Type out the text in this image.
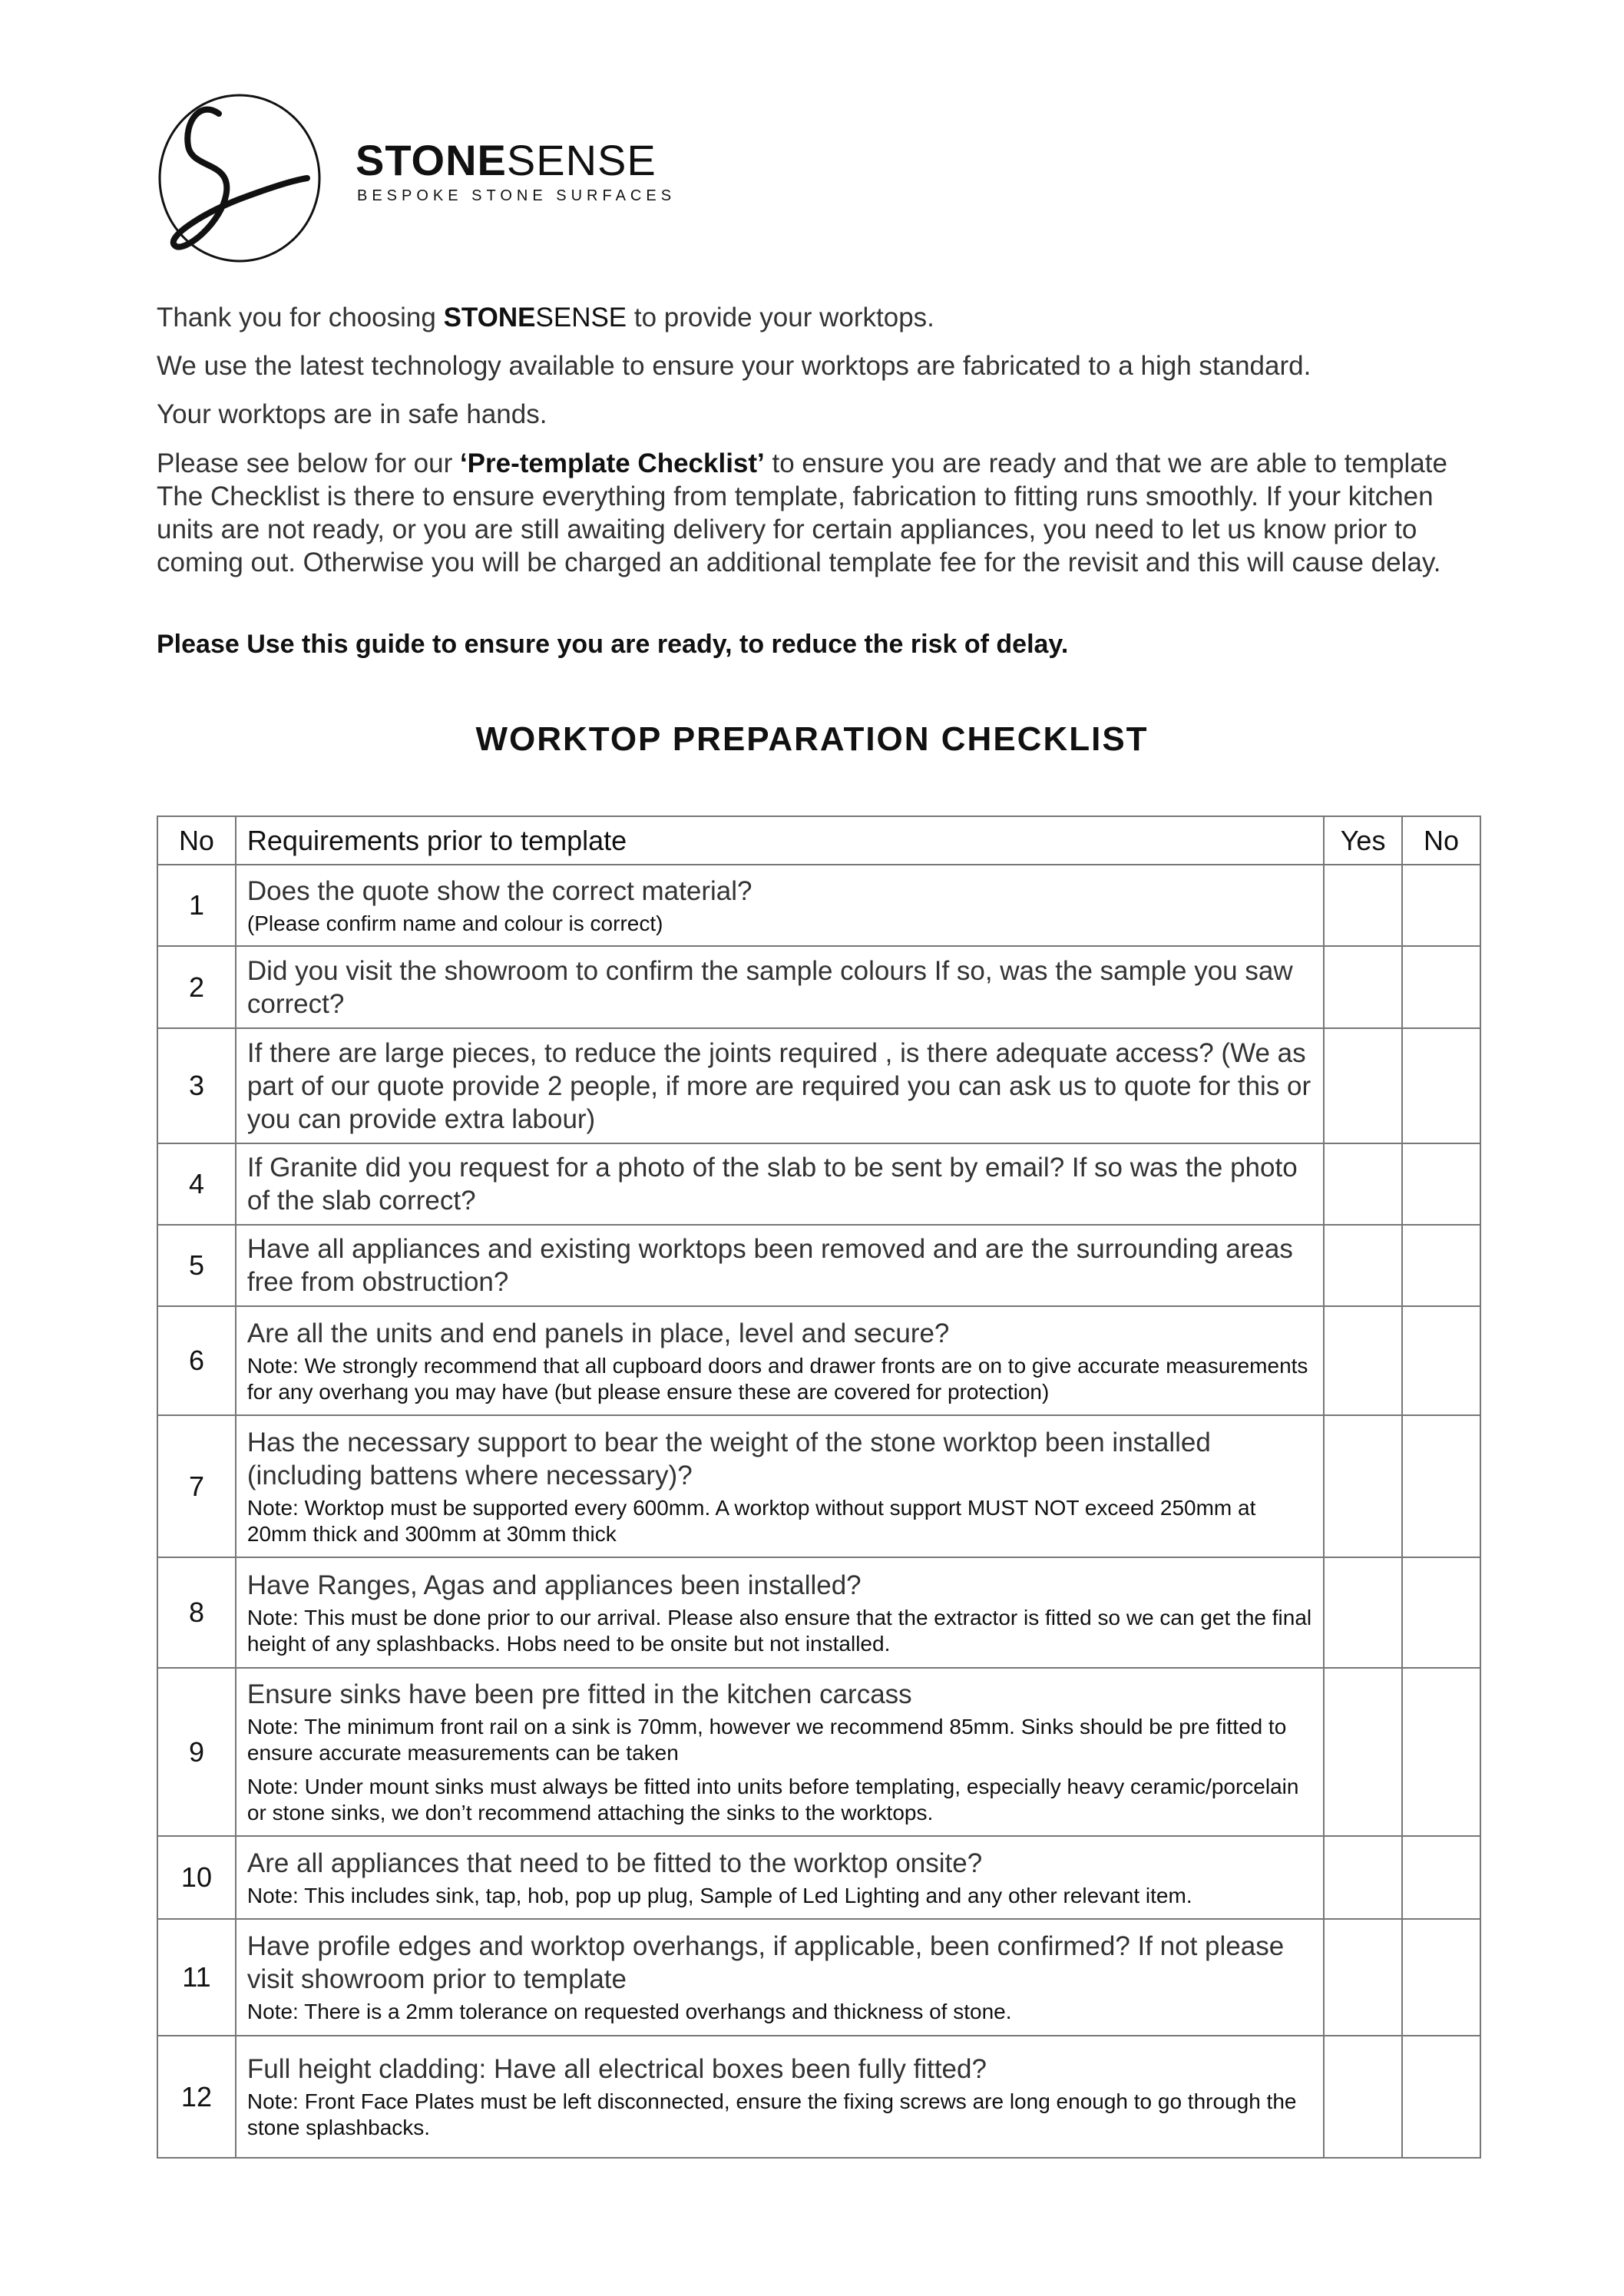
STONESENSE
BESPOKE STONE SURFACES
Thank you for choosing STONESENSE to provide your worktops.
We use the latest technology available to ensure your worktops are fabricated to a high standard.
Your worktops are in safe hands.
Please see below for our ‘Pre-template Checklist’ to ensure you are ready and that we are able to template The Checklist is there to ensure everything from template, fabrication to fitting runs smoothly. If your kitchen units are not ready, or you are still awaiting delivery for certain appliances, you need to let us know prior to coming out. Otherwise you will be charged an additional template fee for the revisit and this will cause delay.
Please Use this guide to ensure you are ready, to reduce the risk of delay.
WORKTOP PREPARATION CHECKLIST
No	Requirements prior to template	Yes	No
1	Does the quote show the correct material?
(Please confirm name and colour is correct)		

2	Did you visit the showroom to confirm the sample colours If so, was the sample you saw correct?		

3	If there are large pieces, to reduce the joints required , is there adequate access? (We as part of our quote provide 2 people, if more are required you can ask us to quote for this or you can provide extra labour)		

4	If Granite did you request for a photo of the slab to be sent by email? If so was the photo of the slab correct?		

5	Have all appliances and existing worktops been removed and are the surrounding areas free from obstruction?		

6	Are all the units and end panels in place, level and secure?
Note: We strongly recommend that all cupboard doors and drawer fronts are on to give accurate measurements for any overhang you may have (but please ensure these are covered for protection)		

7	Has the necessary support to bear the weight of the stone worktop been installed (including battens where necessary)?
Note: Worktop must be supported every 600mm. A worktop without support MUST NOT exceed 250mm at 20mm thick and 300mm at 30mm thick		

8	Have Ranges, Agas and appliances been installed?
Note: This must be done prior to our arrival. Please also ensure that the extractor is fitted so we can get the final height of any splashbacks. Hobs need to be onsite but not installed.		

9	Ensure sinks have been pre fitted in the kitchen carcass
Note: The minimum front rail on a sink is 70mm, however we recommend 85mm. Sinks should be pre fitted to ensure accurate measurements can be taken
Note: Under mount sinks must always be fitted into units before templating, especially heavy ceramic/porcelain or stone sinks, we don’t recommend attaching the sinks to the worktops.		

10	Are all appliances that need to be fitted to the worktop onsite?
Note: This includes sink, tap, hob, pop up plug, Sample of Led Lighting and any other relevant item.		

11	Have profile edges and worktop overhangs, if applicable, been confirmed? If not please visit showroom prior to template
Note: There is a 2mm tolerance on requested overhangs and thickness of stone.		

12	Full height cladding: Have all electrical boxes been fully fitted?
Note: Front Face Plates must be left disconnected, ensure the fixing screws are long enough to go through the stone splashbacks.		
